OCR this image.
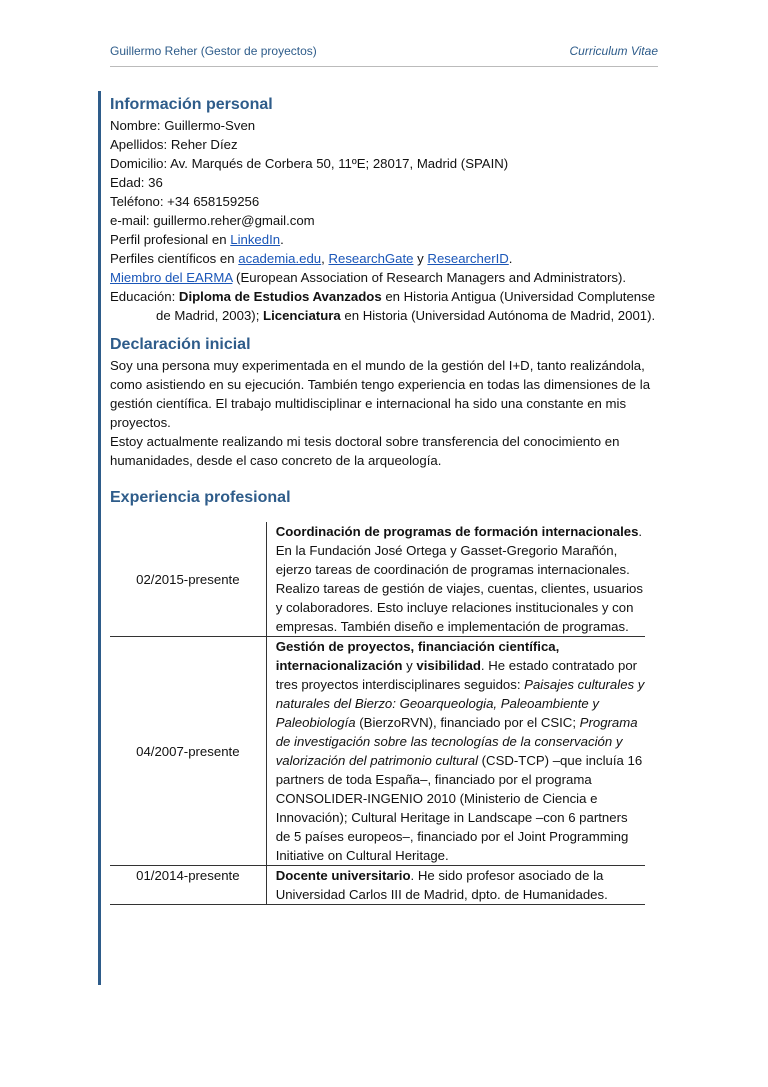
Guillermo Reher (Gestor de proyectos)	Curriculum Vitae
Información personal

Nombre: Guillermo-Sven

Apellidos: Reher Díez

Domicilio: Av. Marqués de Corbera 50, 11ºE; 28017, Madrid (SPAIN)

Edad: 36

Teléfono: +34 658159256

e-mail: guillermo.reher@gmail.com

Perfil profesional en LinkedIn.

Perfiles científicos en academia.edu, ResearchGate y ResearcherID.

Miembro del EARMA (European Association of Research Managers and Administrators).

Educación: Diploma de Estudios Avanzados en Historia Antigua (Universidad Complutense de Madrid, 2003); Licenciatura en Historia (Universidad Autónoma de Madrid, 2001).

Declaración inicial

Soy una persona muy experimentada en el mundo de la gestión del I+D, tanto realizándola, como asistiendo en su ejecución. También tengo experiencia en todas las dimensiones de la gestión científica. El trabajo multidisciplinar e internacional ha sido una constante en mis proyectos.

Estoy actualmente realizando mi tesis doctoral sobre transferencia del conocimiento en humanidades, desde el caso concreto de la arqueología.

Experiencia profesional
02/2015-presente	Coordinación de programas de formación internacionales. En la Fundación José Ortega y Gasset-Gregorio Marañón, ejerzo tareas de coordinación de programas internacionales. Realizo tareas de gestión de viajes, cuentas, clientes, usuarios y colaboradores. Esto incluye relaciones institucionales y con empresas. También diseño e implementación de programas.
04/2007-presente	Gestión de proyectos, financiación científica, internacionalización y visibilidad. He estado contratado por tres proyectos interdisciplinares seguidos: Paisajes culturales y naturales del Bierzo: Geoarqueologia, Paleoambiente y Paleobiología (BierzoRVN), financiado por el CSIC; Programa de investigación sobre las tecnologías de la conservación y valorización del patrimonio cultural (CSD-TCP) –que incluía 16 partners de toda España–, financiado por el programa CONSOLIDER-INGENIO 2010 (Ministerio de Ciencia e Innovación); Cultural Heritage in Landscape –con 6 partners de 5 países europeos–, financiado por el Joint Programming Initiative on Cultural Heritage.
01/2014-presente	Docente universitario. He sido profesor asociado de la Universidad Carlos III de Madrid, dpto. de Humanidades.
